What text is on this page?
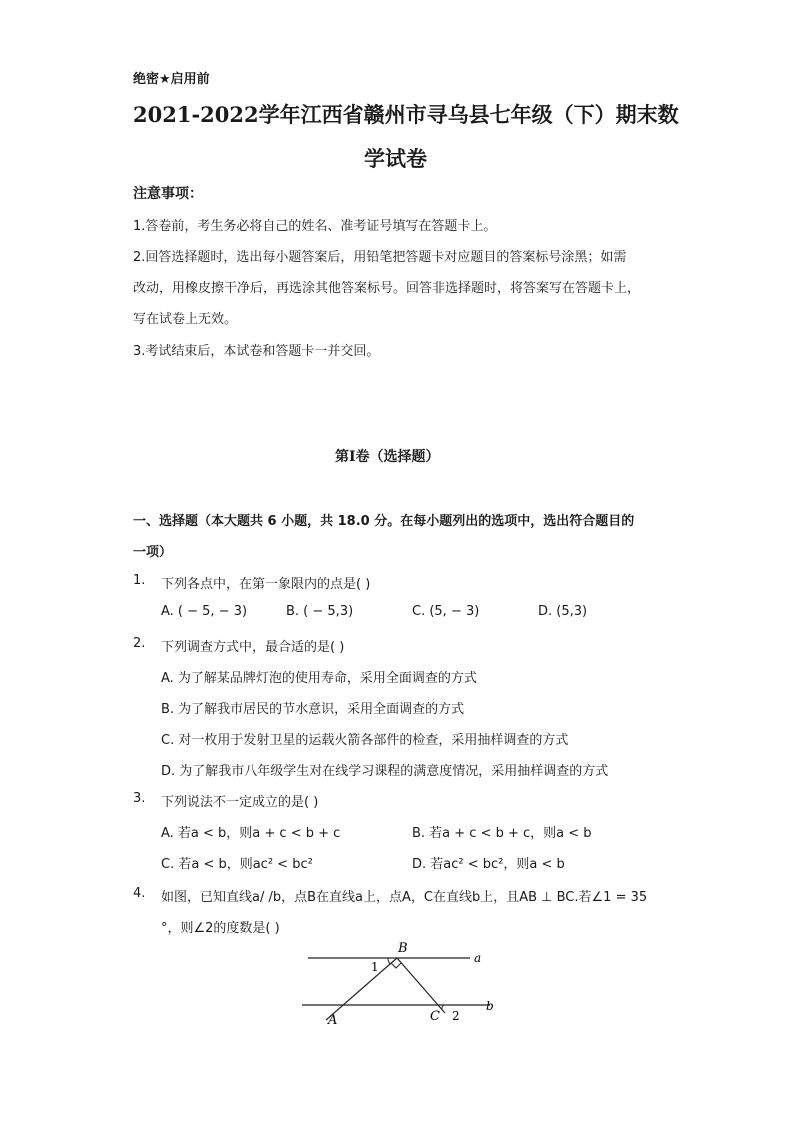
绝密★启用前
2021-2022学年江西省赣州市寻乌县七年级（下）期末数
学试卷
注意事项：
1.答卷前，考生务必将自己的姓名、准考证号填写在答题卡上。
2.回答选择题时，选出每小题答案后，用铅笔把答题卡对应题目的答案标号涂黑；如需
改动，用橡皮擦干净后，再选涂其他答案标号。回答非选择题时，将答案写在答题卡上，
写在试卷上无效。
3.考试结束后，本试卷和答题卡一并交回。
第I卷（选择题）
一、选择题（本大题共 6 小题，共 18.0 分。在每小题列出的选项中，选出符合题目的
一项）
1. 下列各点中，在第一象限内的点是( )
A. ( − 5, − 3)	B. ( − 5,3)	C. (5, − 3)	D. (5,3)
2. 下列调查方式中，最合适的是( )
A. 为了解某品牌灯泡的使用寿命，采用全面调查的方式
B. 为了解我市居民的节水意识，采用全面调查的方式
C. 对一枚用于发射卫星的运载火箭各部件的检查，采用抽样调查的方式
D. 为了解我市八年级学生对在线学习课程的满意度情况，采用抽样调查的方式
3. 下列说法不一定成立的是( )
A. 若a < b，则a + c < b + c	B. 若a + c < b + c，则a < b
C. 若a < b，则ac² < bc²	D. 若ac² < bc²，则a < b
4. 如图，已知直线a/ /b，点B在直线a上，点A，C在直线b上，且AB ⊥ BC.若∠1 = 35
°，则∠2的度数是( )
B
a
b
1
2
A	C
